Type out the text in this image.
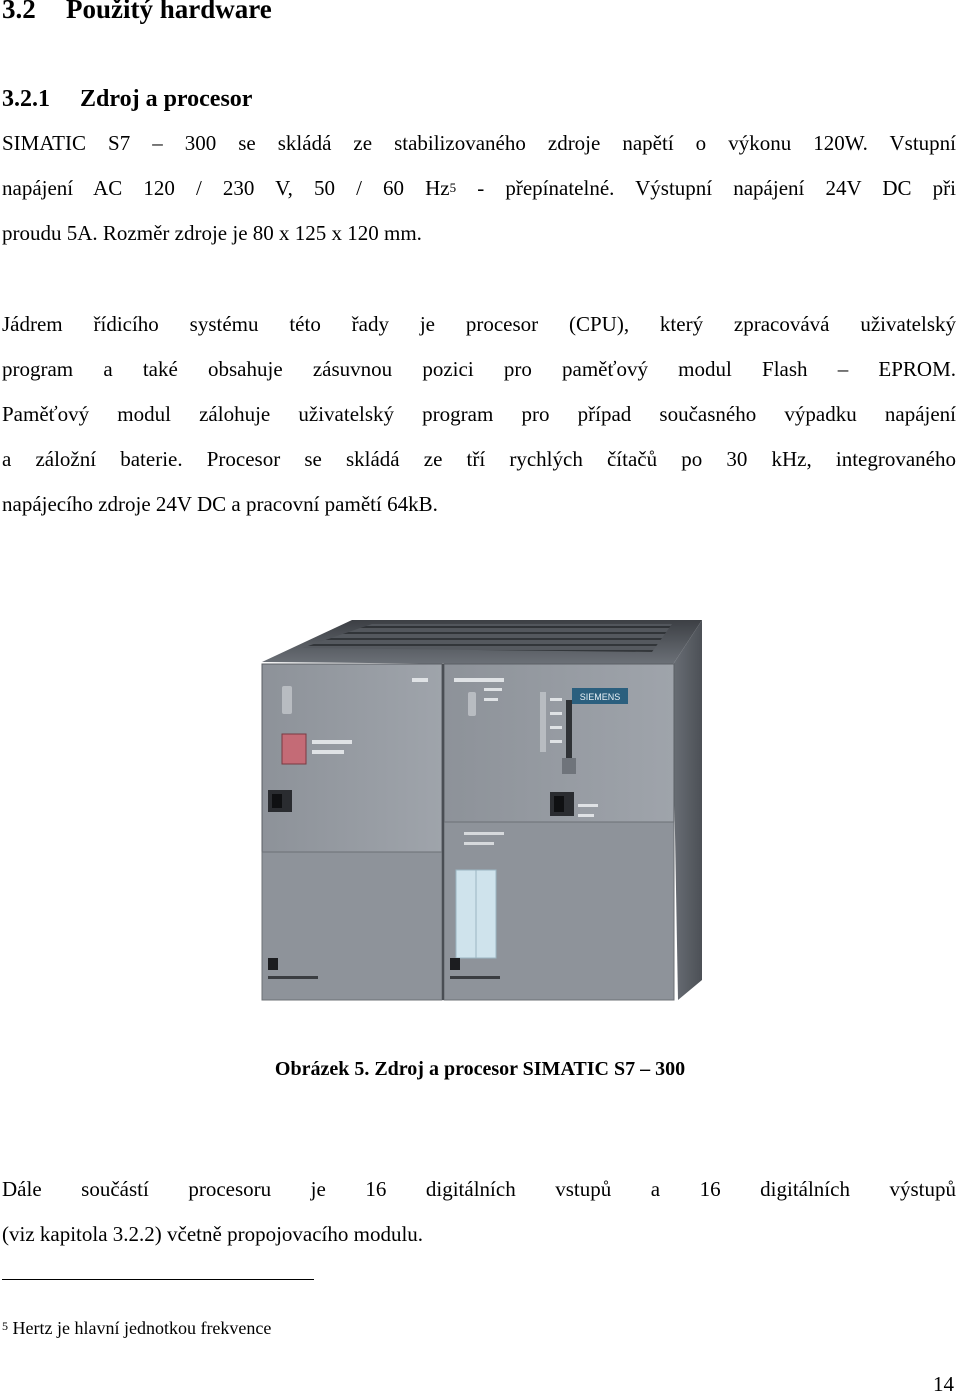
3.2 Použitý hardware
3.2.1 Zdroj a procesor
SIMATIC S7 – 300 se skládá ze stabilizovaného zdroje napětí o výkonu 120W. Vstupní
napájení AC 120 / 230 V, 50 / 60 Hz$^5$ - přepínatelné. Výstupní napájení 24V DC při
proudu 5A. Rozměr zdroje je 80 x 125 x 120 mm.
Jádrem řídicího systému této řady je procesor (CPU), který zpracovává uživatelský
program a také obsahuje zásuvnou pozici pro paměťový modul Flash – EPROM.
Paměťový modul zálohuje uživatelský program pro případ současného výpadku napájení
a záložní baterie. Procesor se skládá ze tří rychlých čítačů po 30 kHz, integrovaného
napájecího zdroje 24V DC a pracovní pamětí 64kB.
SIEMENS
Obrázek 5. Zdroj a procesor SIMATIC S7 – 300
Dále součástí procesoru je 16 digitálních vstupů a 16 digitálních výstupů
(viz kapitola 3.2.2) včetně propojovacího modulu.
$^5$ Hertz je hlavní jednotkou frekvence
14
